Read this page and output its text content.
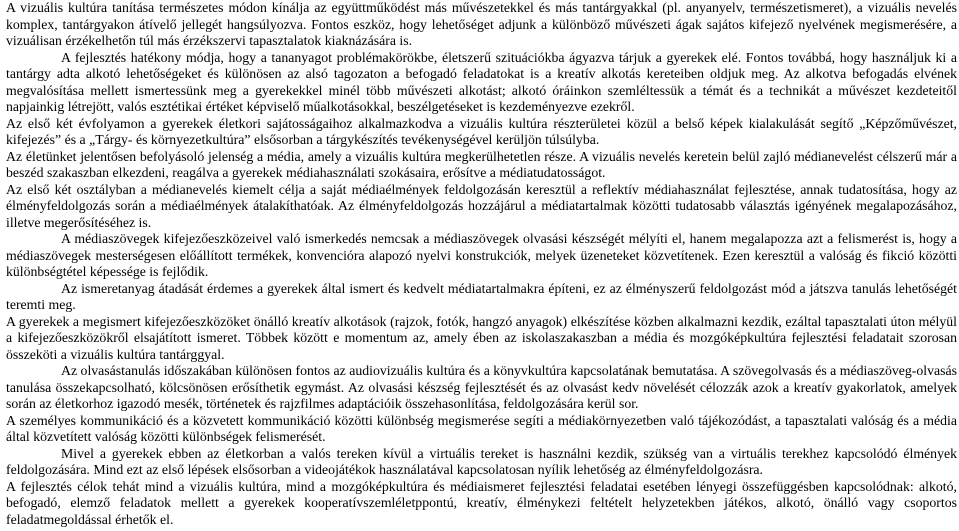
A vizuális kultúra tanítása természetes módon kínálja az együttműködést más művészetekkel és más tantárgyakkal (pl. anyanyelv, természetismeret), a vizuális nevelés komplex, tantárgyakon átívelő jellegét hangsúlyozva. Fontos eszköz, hogy lehetőséget adjunk a különböző művészeti ágak sajátos kifejező nyelvének megismerésére, a vizuálisan érzékelhetőn túl más érzékszervi tapasztalatok kiaknázására is.

A fejlesztés hatékony módja, hogy a tananyagot problémakörökbe, életszerű szituációkba ágyazva tárjuk a gyerekek elé. Fontos továbbá, hogy használjuk ki a tantárgy adta alkotó lehetőségeket és különösen az alsó tagozaton a befogadó feladatokat is a kreatív alkotás kereteiben oldjuk meg. Az alkotva befogadás elvének megvalósítása mellett ismertessünk meg a gyerekekkel minél több művészeti alkotást; alkotó óráinkon szemléltessük a témát és a technikát a művészet kezdeteitől napjainkig létrejött, valós esztétikai értéket képviselő műalkotásokkal, beszélgetéseket is kezdeményezve ezekről.

Az első két évfolyamon a gyerekek életkori sajátosságaihoz alkalmazkodva a vizuális kultúra részterületei közül a belső képek kialakulását segítő „Képzőművészet, kifejezés” és a „Tárgy- és környezetkultúra” elsősorban a tárgykészítés tevékenységével kerüljön túlsúlyba.

Az életünket jelentősen befolyásoló jelenség a média, amely a vizuális kultúra megkerülhetetlen része. A vizuális nevelés keretein belül zajló médianevelést célszerű már a beszéd szakaszban elkezdeni, reagálva a gyerekek médiahasználati szokásaira, erősítve a médiatudatosságot.

Az első két osztályban a médianevelés kiemelt célja a saját médiaélmények feldolgozásán keresztül a reflektív médiahasználat fejlesztése, annak tudatosítása, hogy az élményfeldolgozás során a médiaélmények átalakíthatóak. Az élményfeldolgozás hozzájárul a médiatartalmak közötti tudatosabb választás igényének megalapozásához, illetve megerősítéséhez is.

A médiaszövegek kifejezőeszközeivel való ismerkedés nemcsak a médiaszövegek olvasási készségét mélyíti el, hanem megalapozza azt a felismerést is, hogy a médiaszövegek mesterségesen előállított termékek, konvencióra alapozó nyelvi konstrukciók, melyek üzeneteket közvetítenek. Ezen keresztül a valóság és fikció közötti különbségtétel képessége is fejlődik.

Az ismeretanyag átadását érdemes a gyerekek által ismert és kedvelt médiatartalmakra építeni, ez az élményszerű feldolgozást mód a játszva tanulás lehetőségét teremti meg.

A gyerekek a megismert kifejezőeszközöket önálló kreatív alkotások (rajzok, fotók, hangzó anyagok) elkészítése közben alkalmazni kezdik, ezáltal tapasztalati úton mélyül a kifejezőeszközökről elsajátított ismeret. Többek között e momentum az, amely ében az iskolaszakaszban a média és mozgóképkultúra fejlesztési feladatait szorosan összeköti a vizuális kultúra tantárggyal.

Az olvasástanulás időszakában különösen fontos az audiovizuális kultúra és a könyvkultúra kapcsolatának bemutatása. A szövegolvasás és a médiaszöveg-olvasás tanulása összekapcsolható, kölcsönösen erősíthetik egymást. Az olvasási készség fejlesztését és az olvasást kedv növelését célozzák azok a kreatív gyakorlatok, amelyek során az életkorhoz igazodó mesék, történetek és rajzfilmes adaptációik összehasonlítása, feldolgozására kerül sor.

A személyes kommunikáció és a közvetett kommunikáció közötti különbség megismerése segíti a médiakörnyezetben való tájékozódást, a tapasztalati valóság és a média által közvetített valóság közötti különbségek felismerését.

Mivel a gyerekek ebben az életkorban a valós tereken kívül a virtuális tereket is használni kezdik, szükség van a virtuális terekhez kapcsolódó élmények feldolgozására. Mind ezt az első lépések elsősorban a videojátékok használatával kapcsolatosan nyílik lehetőség az élményfeldolgozásra.

A fejlesztés célok tehát mind a vizuális kultúra, mind a mozgóképkultúra és médiaismeret fejlesztési feladatai esetében lényegi összefüggésben kapcsolódnak: alkotó, befogadó, elemző feladatok mellett a gyerekek kooperatívszemléletppontú, kreatív, élménykezi feltételt helyzetekben játékos, alkotó, önálló vagy csoportos feladatmegoldással érhetők el.
